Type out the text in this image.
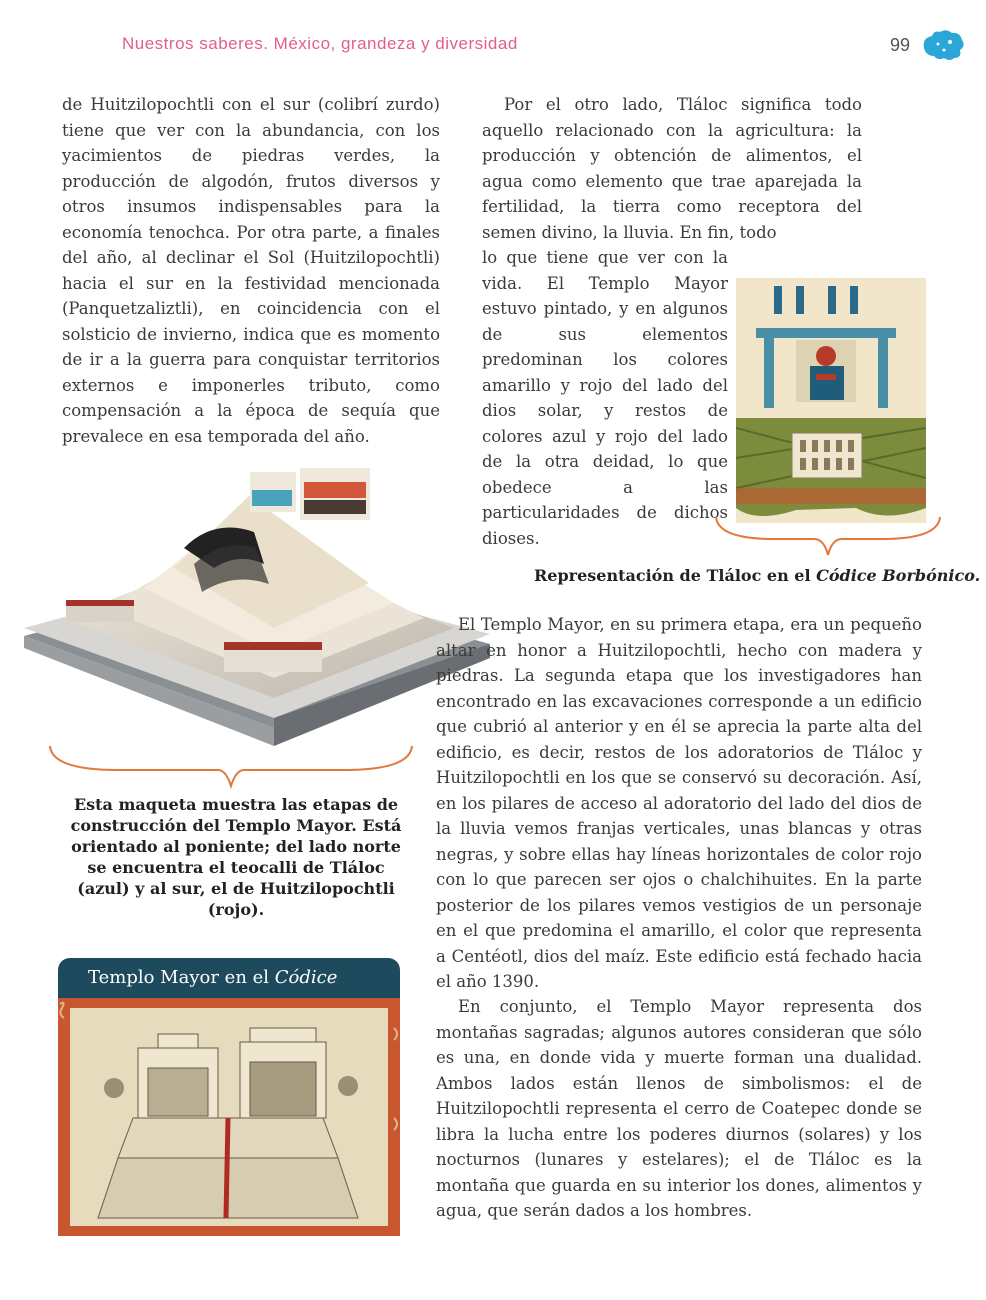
Nuestros saberes. México, grandeza y diversidad	99

de Huitzilopochtli con el sur (colibrí zurdo) tiene que ver con la abundancia, con los yacimientos de piedras verdes, la producción de algodón, frutos diversos y otros insumos indispensables para la economía tenochca. Por otra parte, a finales del año, al declinar el Sol (Huitzilopochtli) hacia el sur en la festividad mencionada (Panquetzaliztli), en coincidencia con el solsticio de invierno, indica que es momento de ir a la guerra para conquistar territorios externos e imponerles tributo, como compensación a la época de sequía que prevalece en esa temporada del año.

Por el otro lado, Tláloc significa todo aquello relacionado con la agricultura: la producción y obtención de alimentos, el agua como elemento que trae aparejada la fertilidad, la tierra como receptora del semen divino, la lluvia. En fin, todo

lo que tiene que ver con la vida. El Templo Mayor estuvo pintado, y en algunos de sus elementos predominan los colores amarillo y rojo del lado del dios solar, y restos de colores azul y rojo del lado de la otra deidad, lo que obedece a las particularidades de dichos dioses.

Representación de Tláloc en el Códice Borbónico.

Esta maqueta muestra las etapas de construcción del Templo Mayor. Está orientado al poniente; del lado norte se encuentra el teocalli de Tláloc (azul) y al sur, el de Huitzilopochtli (rojo).

Templo Mayor en el Códice

El Templo Mayor, en su primera etapa, era un pequeño altar en honor a Huitzilopochtli, hecho con madera y piedras. La segunda etapa que los investigadores han encontrado en las excavaciones corresponde a un edificio que cubrió al anterior y en él se aprecia la parte alta del edificio, es decir, restos de los adoratorios de Tláloc y Huitzilopochtli en los que se conservó su decoración. Así, en los pilares de acceso al adoratorio del lado del dios de la lluvia vemos franjas verticales, unas blancas y otras negras, y sobre ellas hay líneas horizontales de color rojo con lo que parecen ser ojos o chalchihuites. En la parte posterior de los pilares vemos vestigios de un personaje en el que predomina el amarillo, el color que representa a Centéotl, dios del maíz. Este edificio está fechado hacia el año 1390.

En conjunto, el Templo Mayor representa dos montañas sagradas; algunos autores consideran que sólo es una, en donde vida y muerte forman una dualidad. Ambos lados están llenos de simbolismos: el de Huitzilopochtli representa el cerro de Coatepec donde se libra la lucha entre los poderes diurnos (solares) y los nocturnos (lunares y estelares); el de Tláloc es la montaña que guarda en su interior los dones, alimentos y agua, que serán dados a los hombres.
